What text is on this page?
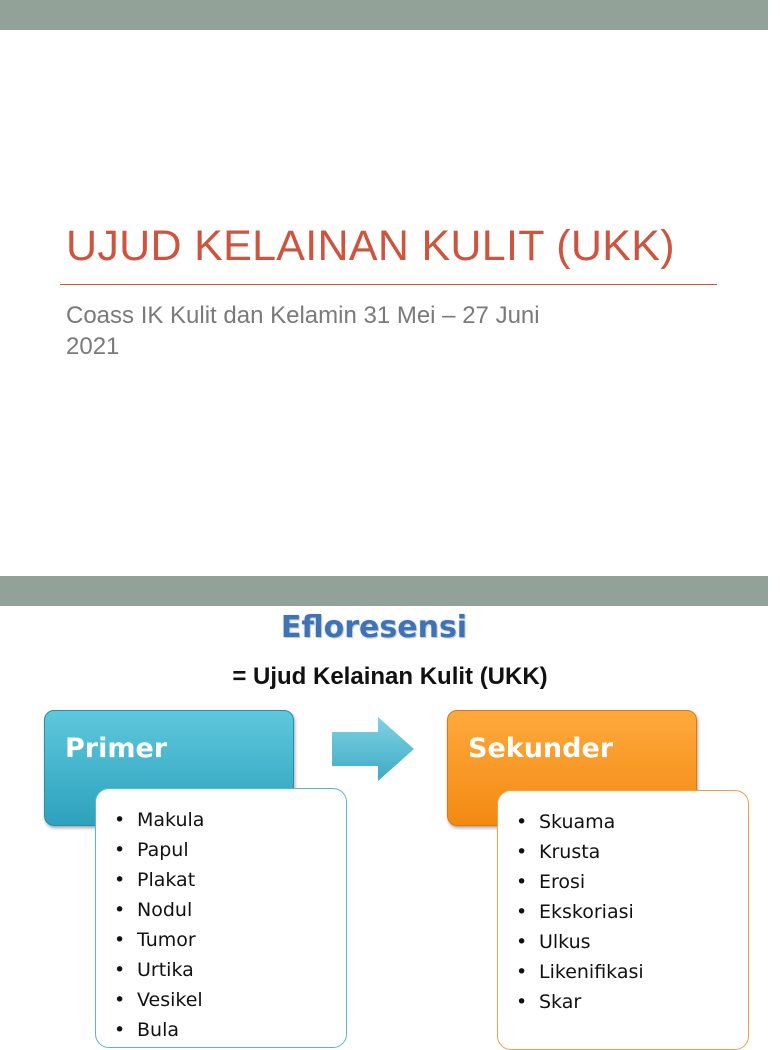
UJUD KELAINAN KULIT (UKK)
Coass IK Kulit dan Kelamin 31 Mei – 27 Juni 2021
Efloresensi
= Ujud Kelainan Kulit (UKK)
Primer	Sekunder
• Makula
• Papul
• Plakat
• Nodul
• Tumor
• Urtika
• Vesikel
• Bula
• Skuama
• Krusta
• Erosi
• Ekskoriasi
• Ulkus
• Likenifikasi
• Skar
